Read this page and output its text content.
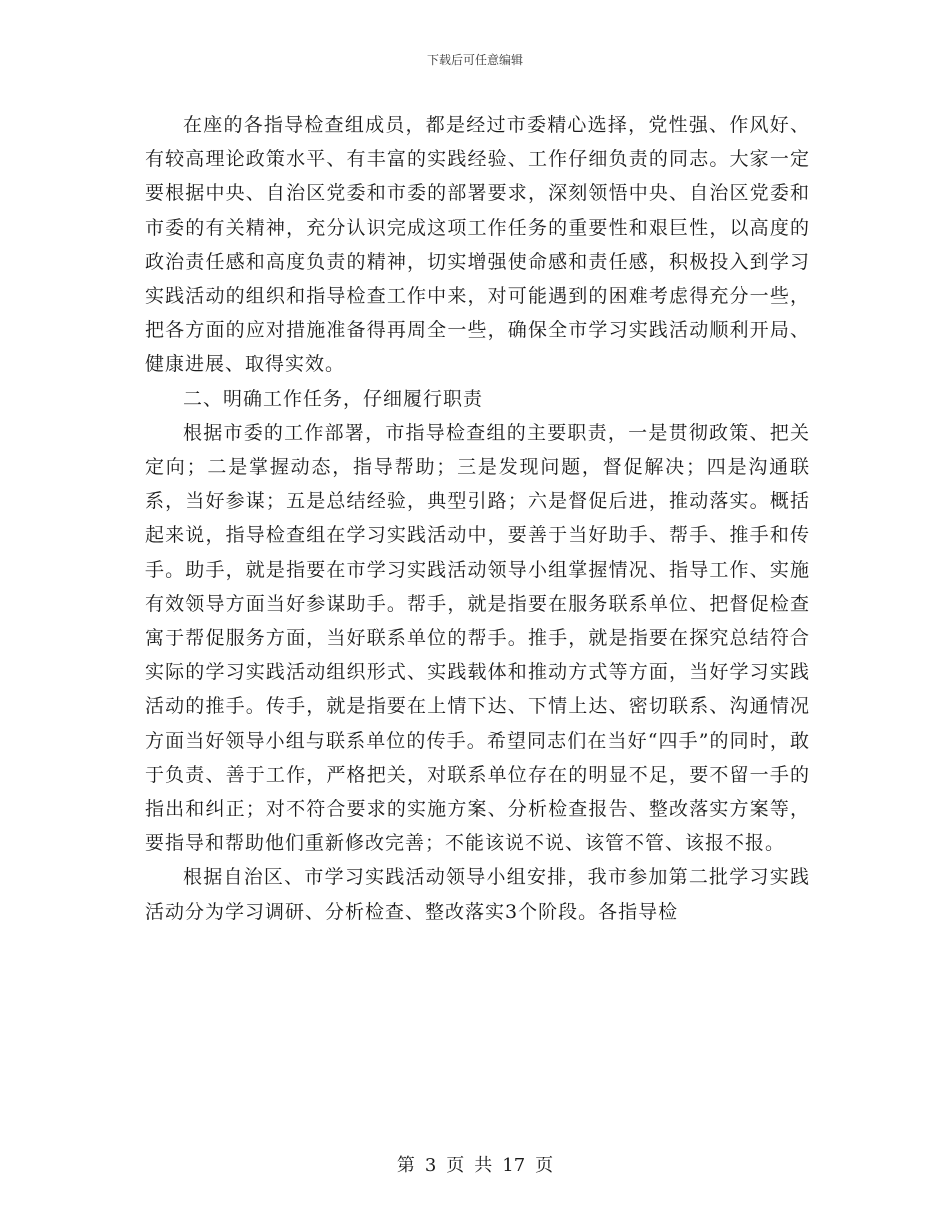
下载后可任意编辑

在座的各指导检查组成员，都是经过市委精心选择，党性强、作风好、有较高理论政策水平、有丰富的实践经验、工作仔细负责的同志。大家一定要根据中央、自治区党委和市委的部署要求，深刻领悟中央、自治区党委和市委的有关精神，充分认识完成这项工作任务的重要性和艰巨性，以高度的政治责任感和高度负责的精神，切实增强使命感和责任感，积极投入到学习实践活动的组织和指导检查工作中来，对可能遇到的困难考虑得充分一些，把各方面的应对措施准备得再周全一些，确保全市学习实践活动顺利开局、健康进展、取得实效。

二、明确工作任务，仔细履行职责

根据市委的工作部署，市指导检查组的主要职责，一是贯彻政策、把关定向；二是掌握动态，指导帮助；三是发现问题，督促解决；四是沟通联系，当好参谋；五是总结经验，典型引路；六是督促后进，推动落实。概括起来说，指导检查组在学习实践活动中，要善于当好助手、帮手、推手和传手。助手，就是指要在市学习实践活动领导小组掌握情况、指导工作、实施有效领导方面当好参谋助手。帮手，就是指要在服务联系单位、把督促检查寓于帮促服务方面，当好联系单位的帮手。推手，就是指要在探究总结符合实际的学习实践活动组织形式、实践载体和推动方式等方面，当好学习实践活动的推手。传手，就是指要在上情下达、下情上达、密切联系、沟通情况方面当好领导小组与联系单位的传手。希望同志们在当好“四手”的同时，敢于负责、善于工作，严格把关，对联系单位存在的明显不足，要不留一手的指出和纠正；对不符合要求的实施方案、分析检查报告、整改落实方案等，要指导和帮助他们重新修改完善；不能该说不说、该管不管、该报不报。

根据自治区、市学习实践活动领导小组安排，我市参加第二批学习实践活动分为学习调研、分析检查、整改落实3个阶段。各指导检

第 3 页 共 17 页
